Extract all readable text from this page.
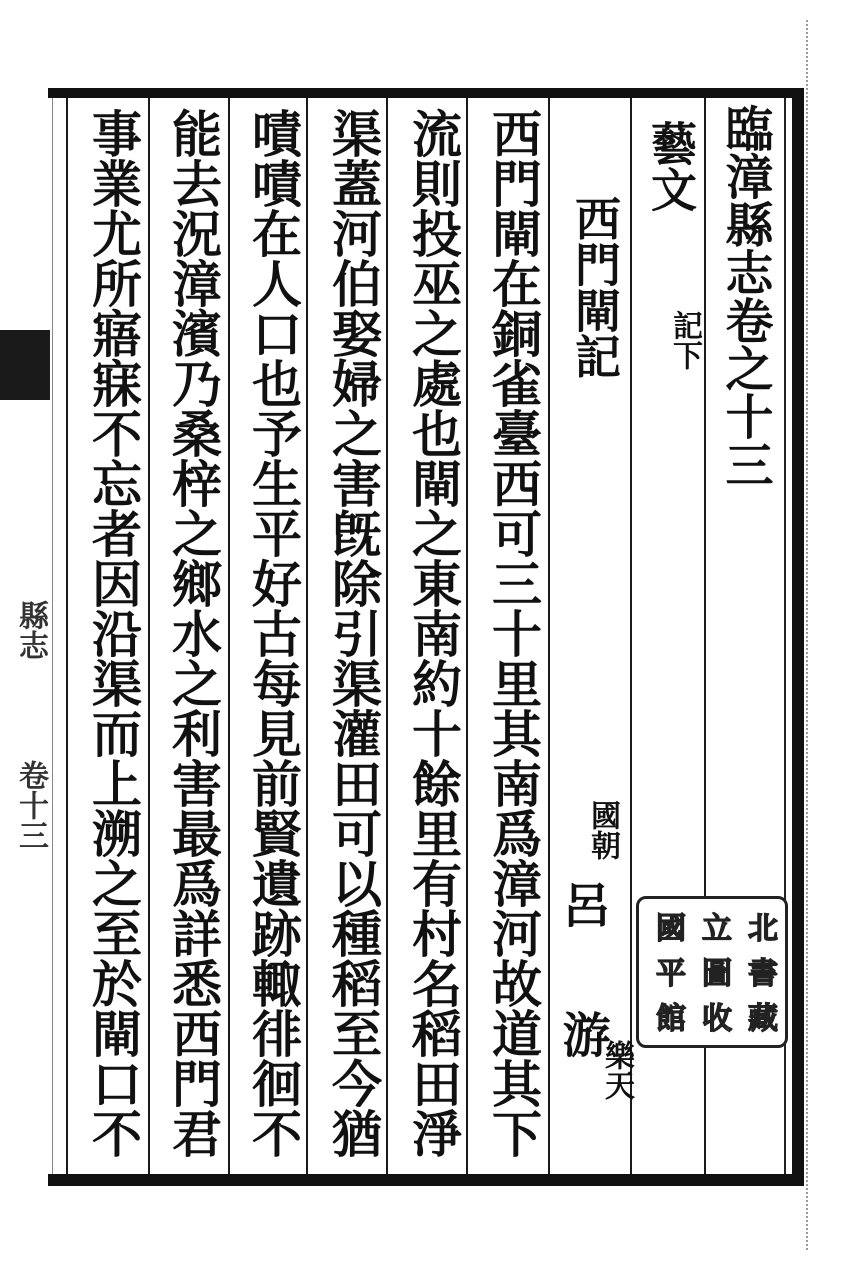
縣志
卷十三
臨漳縣志卷之十三
藝文
記下
國 立 北
平 圖 書
館 收 藏
西門閘記
國朝
呂
游
樂天
西門閘在銅雀臺西可三十里其南爲漳河故道其下
流則投巫之處也閘之東南約十餘里有村名稻田淨
渠蓋河伯娶婦之害旣除引渠灌田可以種稻至今猶
嘖嘖在人口也予生平好古每見前賢遺跡輙徘徊不
能去況漳濱乃桑梓之鄉水之利害最爲詳悉西門君
事業尤所寤寐不忘者因沿渠而上溯之至於閘口不
